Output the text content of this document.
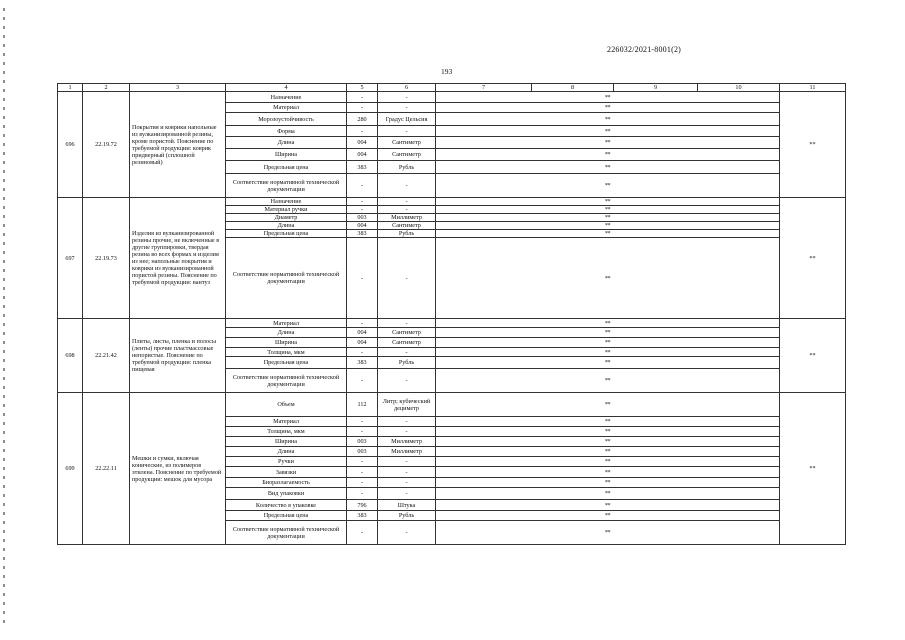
226032/2021-8001(2)
193
1	2	3	4	5	6	7	8	9	10	11
696	22.19.72	Покрытия и коврики напольные из вулканизированной резины, кроме пористой. Пояснение по требуемой продукции: коврик придверный (сплошной резиновый)	Назначение	-	-	**				**
			Материал	-	-	**				
			Морозоустойчивость	280	Градус Цельсия	**				
			Форма	-	-	**				
			Длина	004	Сантиметр	**				
			Ширина	004	Сантиметр	**				
			Предельная цена	383	Рубль	**				
			Соответствие нормативной технической документации	-	-	**				
697	22.19.73	Изделия из вулканизированной резины прочие, не включенные в другие группировки, твердая резина во всех формах и изделия из нее; напольные покрытия и коврики из вулканизированной пористой резины. Пояснение по требуемой продукции: вантуз	Назначение	-	-	**				**
			Материал ручки	-	-	**				
			Диаметр	003	Миллиметр	**				
			Длина	004	Сантиметр	**				
			Предельная цена	383	Рубль	**				
			Соответствие нормативной технической документации	-	-	**				
698	22.21.42	Плиты, листы, пленка и полосы (ленты) прочие пластмассовые непористые. Пояснение по требуемой продукции: пленка пищевая	Материал	-	-	**				**
			Длина	004	Сантиметр	**				
			Ширина	004	Сантиметр	**				
			Толщина, мкм	-	-	**				
			Предельная цена	383	Рубль	**				
			Соответствие нормативной технической документации	-	-	**				
699	22.22.11	Мешки и сумки, включая конические, из полимеров этилена. Пояснение по требуемой продукции: мешок для мусора	Объем	112	Литр; кубический дециметр	**				**
			Материал	-	-	**				
			Толщина, мкм	-	-	**				
			Ширина	003	Миллиметр	**				
			Длина	003	Миллиметр	**				
			Ручки	-	-	**				
			Завязки	-	-	**				
			Биоразлагаемость	-	-	**				
			Вид упаковки	-	-	**				
			Количество в упаковке	796	Штука	**				
			Предельная цена	383	Рубль	**				
			Соответствие нормативной технической документации	-	-	**				
